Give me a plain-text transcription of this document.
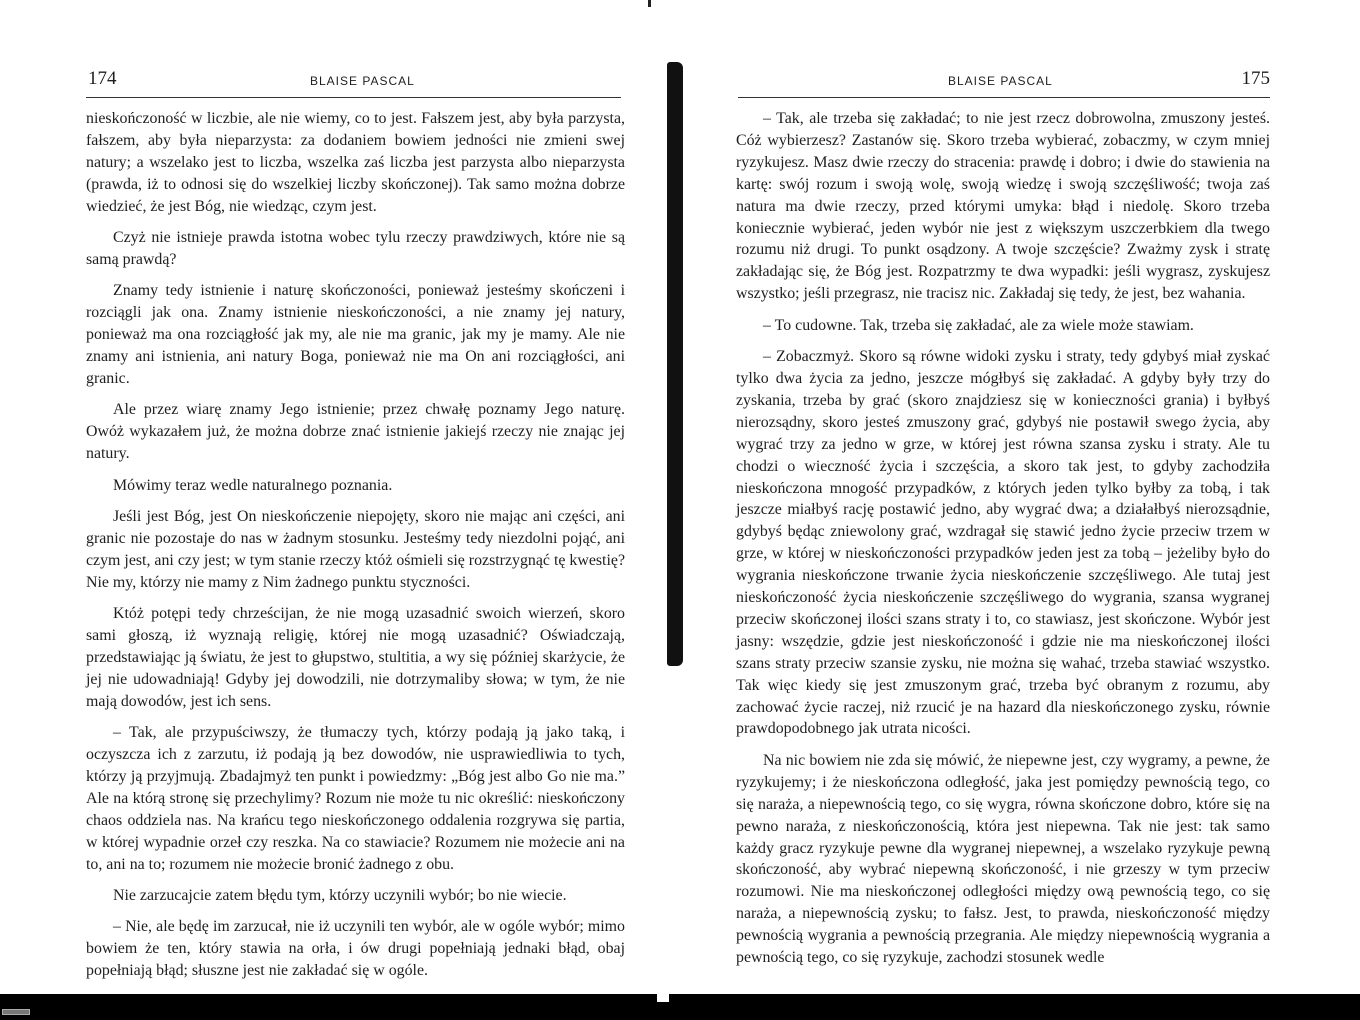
174	BLAISE PASCAL

nieskończoność w liczbie, ale nie wiemy, co to jest. Fałszem jest, aby była parzysta, fałszem, aby była nieparzysta: za dodaniem bowiem jedności nie zmieni swej natury; a wszelako jest to liczba, wszelka zaś liczba jest parzysta albo nieparzysta (prawda, iż to odnosi się do wszelkiej liczby skończonej). Tak samo można dobrze wiedzieć, że jest Bóg, nie wiedząc, czym jest.

Czyż nie istnieje prawda istotna wobec tylu rzeczy prawdziwych, które nie są samą prawdą?

Znamy tedy istnienie i naturę skończoności, ponieważ jesteśmy skończeni i rozciągli jak ona. Znamy istnienie nieskończoności, a nie znamy jej natury, ponieważ ma ona rozciągłość jak my, ale nie ma granic, jak my je mamy. Ale nie znamy ani istnienia, ani natury Boga, ponieważ nie ma On ani rozciągłości, ani granic.

Ale przez wiarę znamy Jego istnienie; przez chwałę poznamy Jego naturę. Owóż wykazałem już, że można dobrze znać istnienie jakiejś rzeczy nie znając jej natury.

Mówimy teraz wedle naturalnego poznania.

Jeśli jest Bóg, jest On nieskończenie niepojęty, skoro nie mając ani części, ani granic nie pozostaje do nas w żadnym stosunku. Jesteśmy tedy niezdolni pojąć, ani czym jest, ani czy jest; w tym stanie rzeczy któż ośmieli się rozstrzygnąć tę kwestię? Nie my, którzy nie mamy z Nim żadnego punktu styczności.

Któż potępi tedy chrześcijan, że nie mogą uzasadnić swoich wierzeń, skoro sami głoszą, iż wyznają religię, której nie mogą uzasadnić? Oświadczają, przedstawiając ją światu, że jest to głupstwo, stultitia, a wy się później skarżycie, że jej nie udowadniają! Gdyby jej dowodzili, nie dotrzymaliby słowa; w tym, że nie mają dowodów, jest ich sens.

– Tak, ale przypuściwszy, że tłumaczy tych, którzy podają ją jako taką, i oczyszcza ich z zarzutu, iż podają ją bez dowodów, nie usprawiedliwia to tych, którzy ją przyjmują. Zbadajmyż ten punkt i powiedzmy: „Bóg jest albo Go nie ma.” Ale na którą stronę się przechylimy? Rozum nie może tu nic określić: nieskończony chaos oddziela nas. Na krańcu tego nieskończonego oddalenia rozgrywa się partia, w której wypadnie orzeł czy reszka. Na co stawiacie? Rozumem nie możecie ani na to, ani na to; rozumem nie możecie bronić żadnego z obu.

Nie zarzucajcie zatem błędu tym, którzy uczynili wybór; bo nie wiecie.

– Nie, ale będę im zarzucał, nie iż uczynili ten wybór, ale w ogóle wybór; mimo bowiem że ten, który stawia na orła, i ów drugi popełniają jednaki błąd, obaj popełniają błąd; słuszne jest nie zakładać się w ogóle.

BLAISE PASCAL	175

– Tak, ale trzeba się zakładać; to nie jest rzecz dobrowolna, zmuszony jesteś. Cóż wybierzesz? Zastanów się. Skoro trzeba wybierać, zobaczmy, w czym mniej ryzykujesz. Masz dwie rzeczy do stracenia: prawdę i dobro; i dwie do stawienia na kartę: swój rozum i swoją wolę, swoją wiedzę i swoją szczęśliwość; twoja zaś natura ma dwie rzeczy, przed którymi umyka: błąd i niedolę. Skoro trzeba koniecznie wybierać, jeden wybór nie jest z większym uszczerbkiem dla twego rozumu niż drugi. To punkt osądzony. A twoje szczęście? Zważmy zysk i stratę zakładając się, że Bóg jest. Rozpatrzmy te dwa wypadki: jeśli wygrasz, zyskujesz wszystko; jeśli przegrasz, nie tracisz nic. Zakładaj się tedy, że jest, bez wahania.

– To cudowne. Tak, trzeba się zakładać, ale za wiele może stawiam.

– Zobaczmyż. Skoro są równe widoki zysku i straty, tedy gdybyś miał zyskać tylko dwa życia za jedno, jeszcze mógłbyś się zakładać. A gdyby były trzy do zyskania, trzeba by grać (skoro znajdziesz się w konieczności grania) i byłbyś nierozsądny, skoro jesteś zmuszony grać, gdybyś nie postawił swego życia, aby wygrać trzy za jedno w grze, w której jest równa szansa zysku i straty. Ale tu chodzi o wieczność życia i szczęścia, a skoro tak jest, to gdyby zachodziła nieskończona mnogość przypadków, z których jeden tylko byłby za tobą, i tak jeszcze miałbyś rację postawić jedno, aby wygrać dwa; a działałbyś nierozsądnie, gdybyś będąc zniewolony grać, wzdragał się stawić jedno życie przeciw trzem w grze, w której w nieskończoności przypadków jeden jest za tobą – jeżeliby było do wygrania nieskończone trwanie życia nieskończenie szczęśliwego. Ale tutaj jest nieskończoność życia nieskończenie szczęśliwego do wygrania, szansa wygranej przeciw skończonej ilości szans straty i to, co stawiasz, jest skończone. Wybór jest jasny: wszędzie, gdzie jest nieskończoność i gdzie nie ma nieskończonej ilości szans straty przeciw szansie zysku, nie można się wahać, trzeba stawiać wszystko. Tak więc kiedy się jest zmuszonym grać, trzeba być obranym z rozumu, aby zachować życie raczej, niż rzucić je na hazard dla nieskończonego zysku, równie prawdopodobnego jak utrata nicości.

Na nic bowiem nie zda się mówić, że niepewne jest, czy wygramy, a pewne, że ryzykujemy; i że nieskończona odległość, jaka jest pomiędzy pewnością tego, co się naraża, a niepewnością tego, co się wygra, równa skończone dobro, które się na pewno naraża, z nieskończonością, która jest niepewna. Tak nie jest: tak samo każdy gracz ryzykuje pewne dla wygranej niepewnej, a wszelako ryzykuje pewną skończoność, aby wybrać niepewną skończoność, i nie grzeszy w tym przeciw rozumowi. Nie ma nieskończonej odległości między ową pewnością tego, co się naraża, a niepewnością zysku; to fałsz. Jest, to prawda, nieskończoność między pewnością wygrania a pewnością przegrania. Ale między niepewnością wygrania a pewnością tego, co się ryzykuje, zachodzi stosunek wedle
